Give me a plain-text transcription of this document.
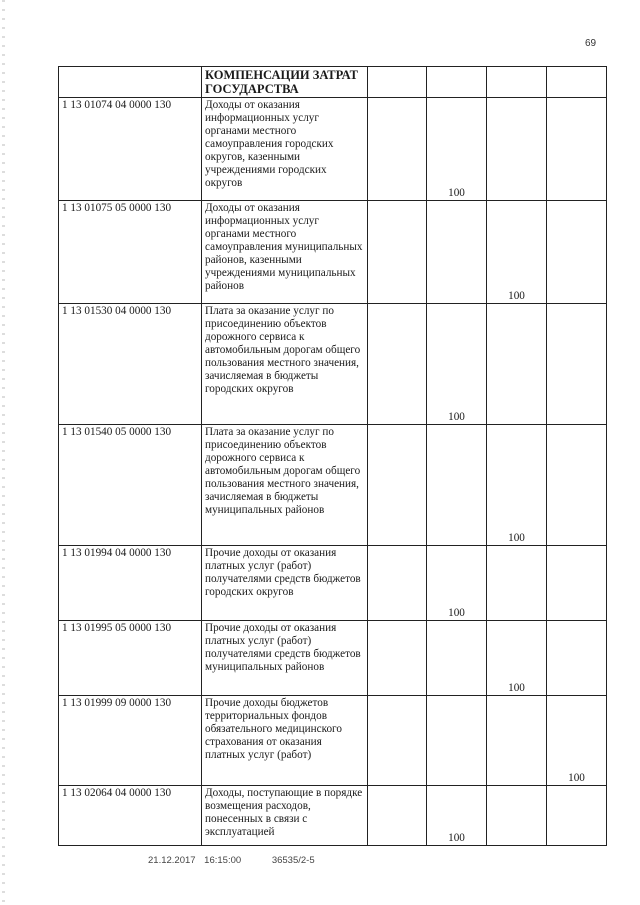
69
	КОМПЕНСАЦИИ ЗАТРАТ ГОСУДАРСТВА				
1 13 01074 04 0000 130	Доходы от оказания информационных услуг органами местного самоуправления городских округов, казенными учреждениями городских округов		100		
1 13 01075 05 0000 130	Доходы от оказания информационных услуг органами местного самоуправления муниципальных районов, казенными учреждениями муниципальных районов			100	
1 13 01530 04 0000 130	Плата за оказание услуг по присоединению объектов дорожного сервиса к автомобильным дорогам общего пользования местного значения, зачисляемая в бюджеты городских округов		100		
1 13 01540 05 0000 130	Плата за оказание услуг по присоединению объектов дорожного сервиса к автомобильным дорогам общего пользования местного значения, зачисляемая в бюджеты муниципальных районов			100	
1 13 01994 04 0000 130	Прочие доходы от оказания платных услуг (работ) получателями средств бюджетов городских округов		100		
1 13 01995 05 0000 130	Прочие доходы от оказания платных услуг (работ) получателями средств бюджетов муниципальных районов			100	
1 13 01999 09 0000 130	Прочие доходы бюджетов территориальных фондов обязательного медицинского страхования от оказания платных услуг (работ)				100
1 13 02064 04 0000 130	Доходы, поступающие в порядке возмещения расходов, понесенных в связи с эксплуатацией		100		
21.12.2017 16:15:00	36535/2-5
